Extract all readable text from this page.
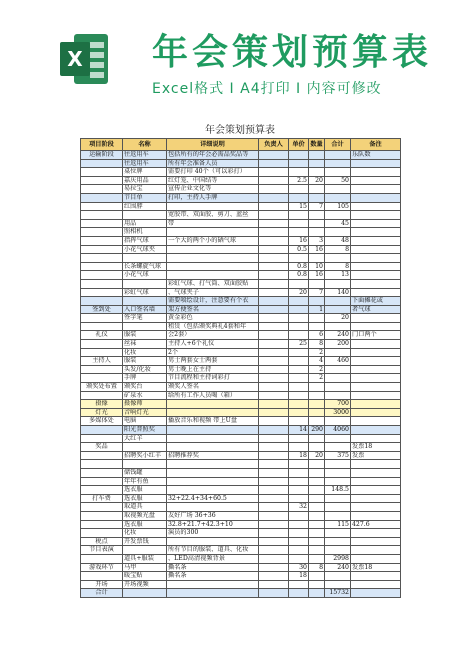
X 年会策划预算表
Excel格式 I A4打印 I 内容可修改
年会策划预算表
项目阶段	名称	详细说明	负责人	单价	数量	合计	备注
运输阶段	往返用车	包括所有的年会必需品奖品等					乐队数
	往返用车	所有年会准备人员					
	桌位牌	需要打印 40个（可以彩打）					
	嘉庆用品	红灯笼、中国结等		2.5	20	50	
	易拉宝	宣传企业文化等					
	节目单	打印，主持人手牌					
	红围脖			15	7	105	
		宽胶带、双面胶、剪刀、蓝丝					
	用品	带				45	
	照相机						
	指挥气球	一个大的两个小的硒气球		16	3	48	
	小花气球夹			0.5	16	8	

	长条螺旋气球			0.8	10	8	
	小花气球			0.8	16	13	
		彩虹气球、打气筒、双面胶贴					
	彩虹气球	、气球夹子		20	7	140	
		需要喷绘设计，注意要有个衣					下面摊花或
签到处	入口签名墙	架方便签名			1		者气球
	签字笔	黄金彩色				20	
		租赁（包括颁奖典礼4套和年					
礼仪	服装	会2套）			6	240	门口两个
	丝袜	主持人+6个礼仪		25	8	200	
	化妆	2个			2		
主持人	服装	男士两套女士两套			4	460	
	头发/化妆	男士晚上在主持			2		
	手牌	节目流程和主持词彩打			2		
颁奖处布置	颁奖台	颁奖人签名					
	矿泉水	给所有工作人员喝（箱）					
摄像	摄像师					700	
灯光	音响灯光					3000	
多媒体处	电脑	播放音乐和视频 带上U盘					
	阳光普照奖			14	290	4060	
	大红羊						
奖品							发票18
	招聘奖小红羊	招聘推荐奖		18	20	375	发票

	储钱罐						
	年年有鱼						
	选衣服					148.5	
打车费	选衣服	32+22.4+34+60.5					
	取道具			32			
	取视频光盘	友好广场 36+36					
	选衣服	32.8+21.7+42.3+10				115	427.6
	化妆	演员的300					
税点	开发票钱						
节目表演		所有节目的服装、道具、化妆					
	道具+服装	、LED高清视频背景				2998	
游戏环节	马甲	撕名条		30	8	240	发票18
	暖宝贴	撕名条		18			
开场	开场视频						
合计						15732	
